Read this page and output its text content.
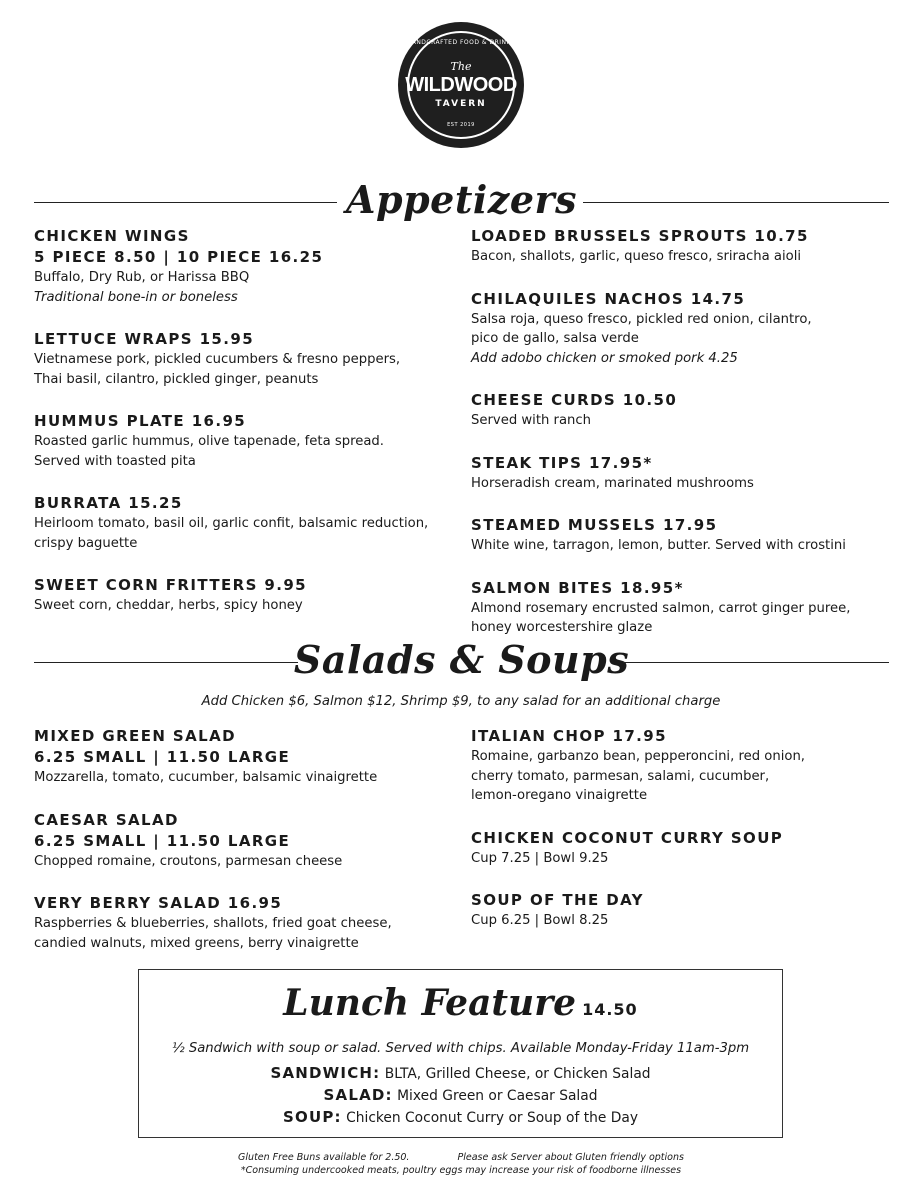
HANDCRAFTED FOOD & DRINKS
The
WILDWOOD
TAVERN
EST 2019
Appetizers
CHICKEN WINGS
5 PIECE 8.50 | 10 PIECE 16.25
Buffalo, Dry Rub, or Harissa BBQ
Traditional bone-in or boneless
LETTUCE WRAPS 15.95
Vietnamese pork, pickled cucumbers & fresno peppers,
Thai basil, cilantro, pickled ginger, peanuts
HUMMUS PLATE 16.95
Roasted garlic hummus, olive tapenade, feta spread.
Served with toasted pita
BURRATA 15.25
Heirloom tomato, basil oil, garlic confit, balsamic reduction,
crispy baguette
SWEET CORN FRITTERS 9.95
Sweet corn, cheddar, herbs, spicy honey
LOADED BRUSSELS SPROUTS 10.75
Bacon, shallots, garlic, queso fresco, sriracha aioli
CHILAQUILES NACHOS 14.75
Salsa roja, queso fresco, pickled red onion, cilantro,
pico de gallo, salsa verde
Add adobo chicken or smoked pork 4.25
CHEESE CURDS 10.50
Served with ranch
STEAK TIPS 17.95*
Horseradish cream, marinated mushrooms
STEAMED MUSSELS 17.95
White wine, tarragon, lemon, butter. Served with crostini
SALMON BITES 18.95*
Almond rosemary encrusted salmon, carrot ginger puree,
honey worcestershire glaze
Salads & Soups
Add Chicken $6, Salmon $12, Shrimp $9, to any salad for an additional charge
MIXED GREEN SALAD
6.25 SMALL | 11.50 LARGE
Mozzarella, tomato, cucumber, balsamic vinaigrette
CAESAR SALAD
6.25 SMALL | 11.50 LARGE
Chopped romaine, croutons, parmesan cheese
VERY BERRY SALAD 16.95
Raspberries & blueberries, shallots, fried goat cheese,
candied walnuts, mixed greens, berry vinaigrette
ITALIAN CHOP 17.95
Romaine, garbanzo bean, pepperoncini, red onion,
cherry tomato, parmesan, salami, cucumber,
lemon-oregano vinaigrette
CHICKEN COCONUT CURRY SOUP
Cup 7.25 | Bowl 9.25
SOUP OF THE DAY
Cup 6.25 | Bowl 8.25
Lunch Feature 14.50
½ Sandwich with soup or salad. Served with chips. Available Monday-Friday 11am-3pm
SANDWICH: BLTA, Grilled Cheese, or Chicken Salad
SALAD: Mixed Green or Caesar Salad
SOUP: Chicken Coconut Curry or Soup of the Day
Gluten Free Buns available for 2.50.	Please ask Server about Gluten friendly options
*Consuming undercooked meats, poultry eggs may increase your risk of foodborne illnesses
